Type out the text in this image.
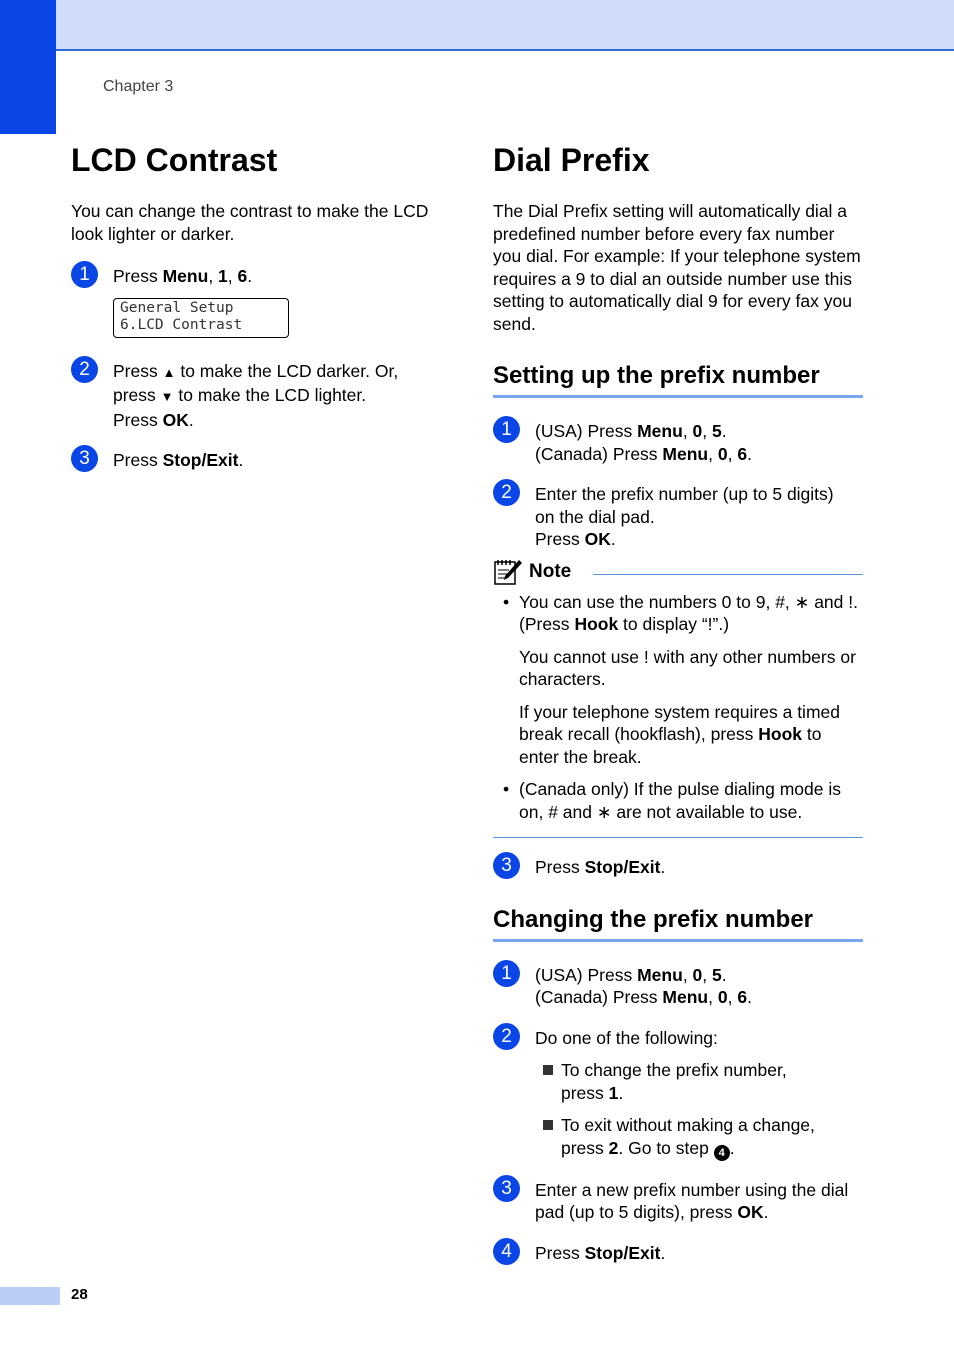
Chapter 3
LCD Contrast

You can change the contrast to make the LCD look lighter or darker.

1	Press Menu, 1, 6.
General Setup
6.LCD Contrast
2	Press ▲ to make the LCD darker. Or,
press ▼ to make the LCD lighter.
Press OK.
3	Press Stop/Exit.
Dial Prefix

The Dial Prefix setting will automatically dial a predefined number before every fax number you dial. For example: If your telephone system requires a 9 to dial an outside number use this setting to automatically dial 9 for every fax you send.

Setting up the prefix number
1	(USA) Press Menu, 0, 5.
(Canada) Press Menu, 0, 6.
2	Enter the prefix number (up to 5 digits)
on the dial pad.
Press OK.
Note
• You can use the numbers 0 to 9, #, ∗ and !. (Press Hook to display “!”.)
You cannot use ! with any other numbers or characters.
If your telephone system requires a timed break recall (hookflash), press Hook to enter the break.
• (Canada only) If the pulse dialing mode is on, # and ∗ are not available to use.
3	Press Stop/Exit.
Changing the prefix number
1	(USA) Press Menu, 0, 5.
(Canada) Press Menu, 0, 6.
2	Do one of the following:
To change the prefix number,
press 1.
To exit without making a change,
press 2. Go to step 4 .
3	Enter a new prefix number using the dial
pad (up to 5 digits), press OK.
4	Press Stop/Exit.
28
